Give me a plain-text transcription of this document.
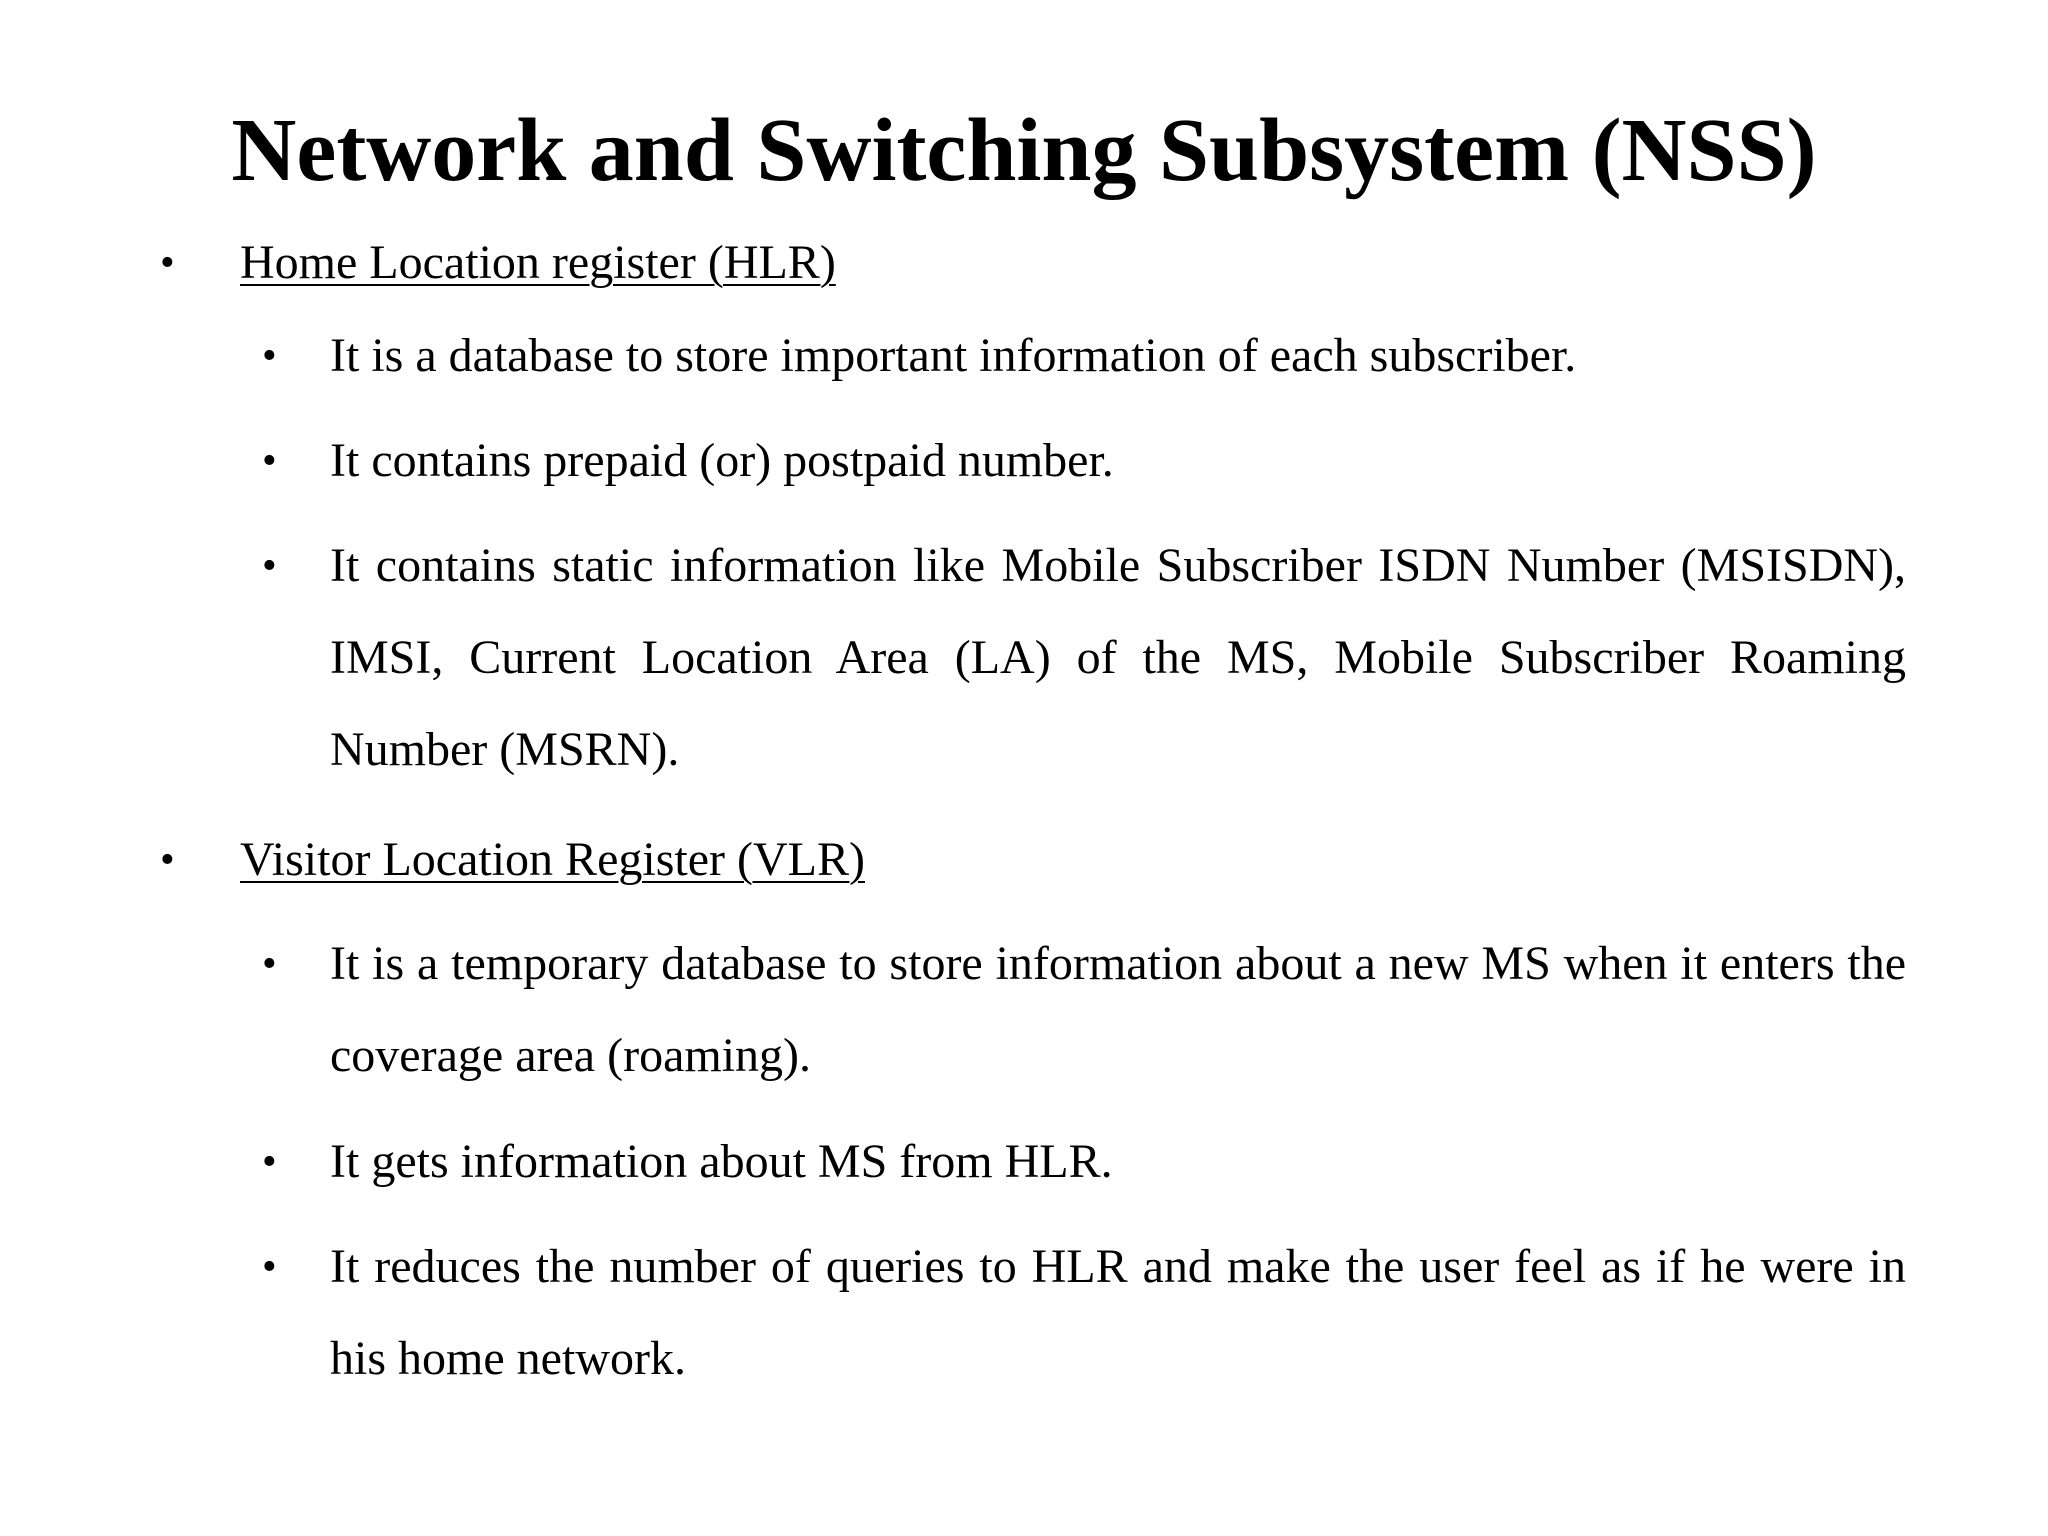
Network and Switching Subsystem (NSS)
• Home Location register (HLR)
• It is a database to store important information of each subscriber.
• It contains prepaid (or) postpaid number.
• It contains static information like Mobile Subscriber ISDN Number (MSISDN), IMSI, Current Location Area (LA) of the MS, Mobile Subscriber Roaming Number (MSRN).
• Visitor Location Register (VLR)
• It is a temporary database to store information about a new MS when it enters the coverage area (roaming).
• It gets information about MS from HLR.
• It reduces the number of queries to HLR and make the user feel as if he were in his home network.
